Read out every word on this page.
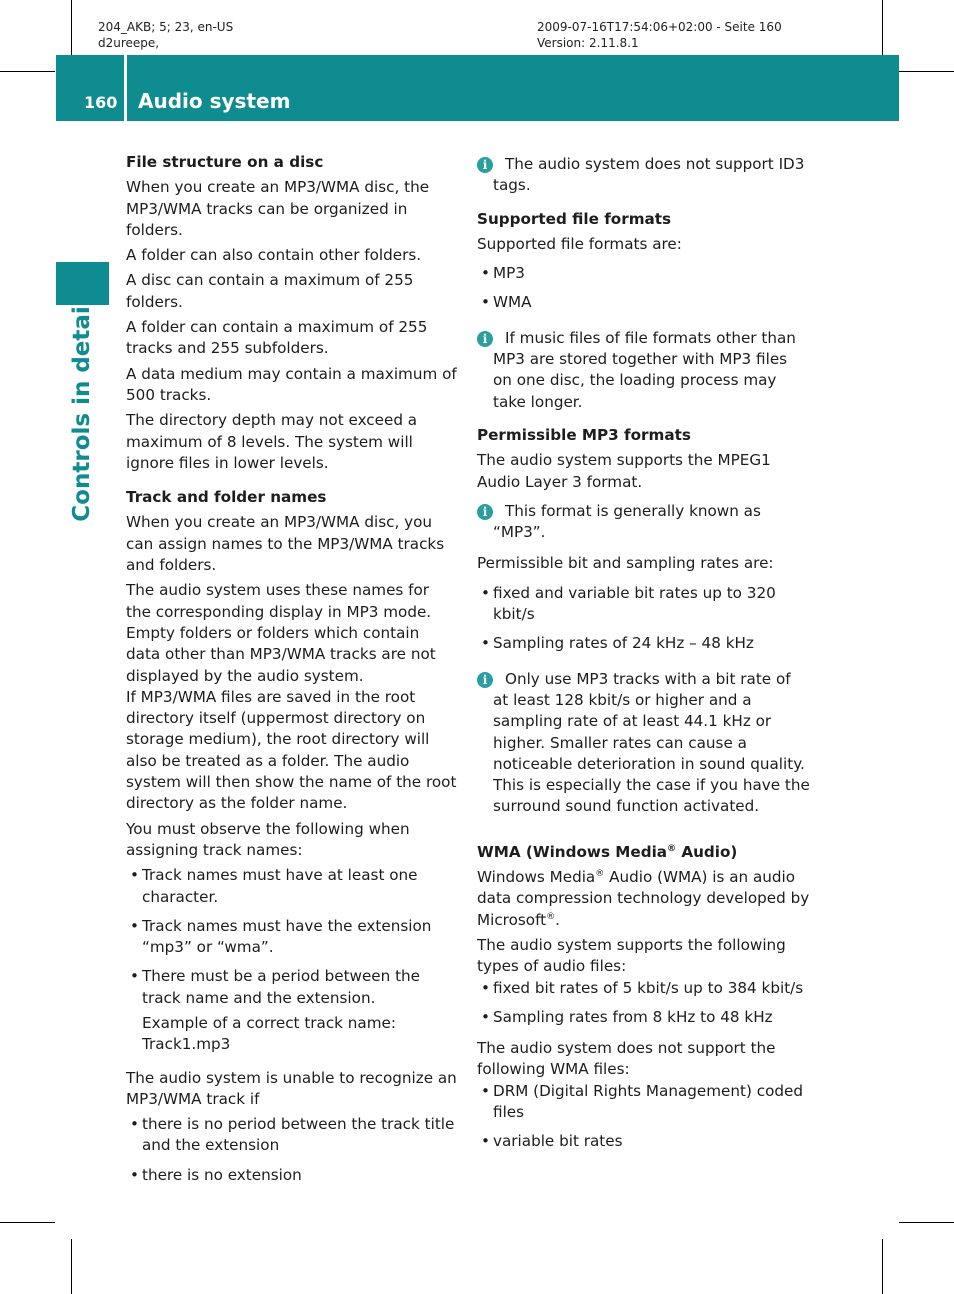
204_AKB; 5; 23, en-US
d2ureepe,
2009-07-16T17:54:06+02:00 - Seite 160
Version: 2.11.8.1
160 Audio system
Controls in detail

File structure on a disc

When you create an MP3/WMA disc, the MP3/WMA tracks can be organized in folders.

A folder can also contain other folders.

A disc can contain a maximum of 255 folders.

A folder can contain a maximum of 255 tracks and 255 subfolders.

A data medium may contain a maximum of 500 tracks.

The directory depth may not exceed a maximum of 8 levels. The system will ignore files in lower levels.

Track and folder names

When you create an MP3/WMA disc, you can assign names to the MP3/WMA tracks and folders.

The audio system uses these names for the corresponding display in MP3 mode. Empty folders or folders which contain data other than MP3/WMA tracks are not displayed by the audio system.

If MP3/WMA files are saved in the root directory itself (uppermost directory on storage medium), the root directory will also be treated as a folder. The audio system will then show the name of the root directory as the folder name.

You must observe the following when assigning track names:

• Track names must have at least one character.
• Track names must have the extension “mp3” or “wma”.
• There must be a period between the track name and the extension.
Example of a correct track name: Track1.mp3

The audio system is unable to recognize an MP3/WMA track if

• there is no period between the track title and the extension
• there is no extension
i	The audio system does not support ID3 tags.

Supported file formats

Supported file formats are:

• MP3
• WMA
i	If music files of file formats other than MP3 are stored together with MP3 files on one disc, the loading process may take longer.

Permissible MP3 formats

The audio system supports the MPEG1 Audio Layer 3 format.

i	This format is generally known as “MP3”.

Permissible bit and sampling rates are:

• fixed and variable bit rates up to 320 kbit/s
• Sampling rates of 24 kHz – 48 kHz
i	Only use MP3 tracks with a bit rate of at least 128 kbit/s or higher and a sampling rate of at least 44.1 kHz or higher. Smaller rates can cause a noticeable deterioration in sound quality. This is especially the case if you have the surround sound function activated.

WMA (Windows Media® Audio)

Windows Media® Audio (WMA) is an audio data compression technology developed by Microsoft®.

The audio system supports the following types of audio files:

• fixed bit rates of 5 kbit/s up to 384 kbit/s
• Sampling rates from 8 kHz to 48 kHz

The audio system does not support the following WMA files:

• DRM (Digital Rights Management) coded files
• variable bit rates
